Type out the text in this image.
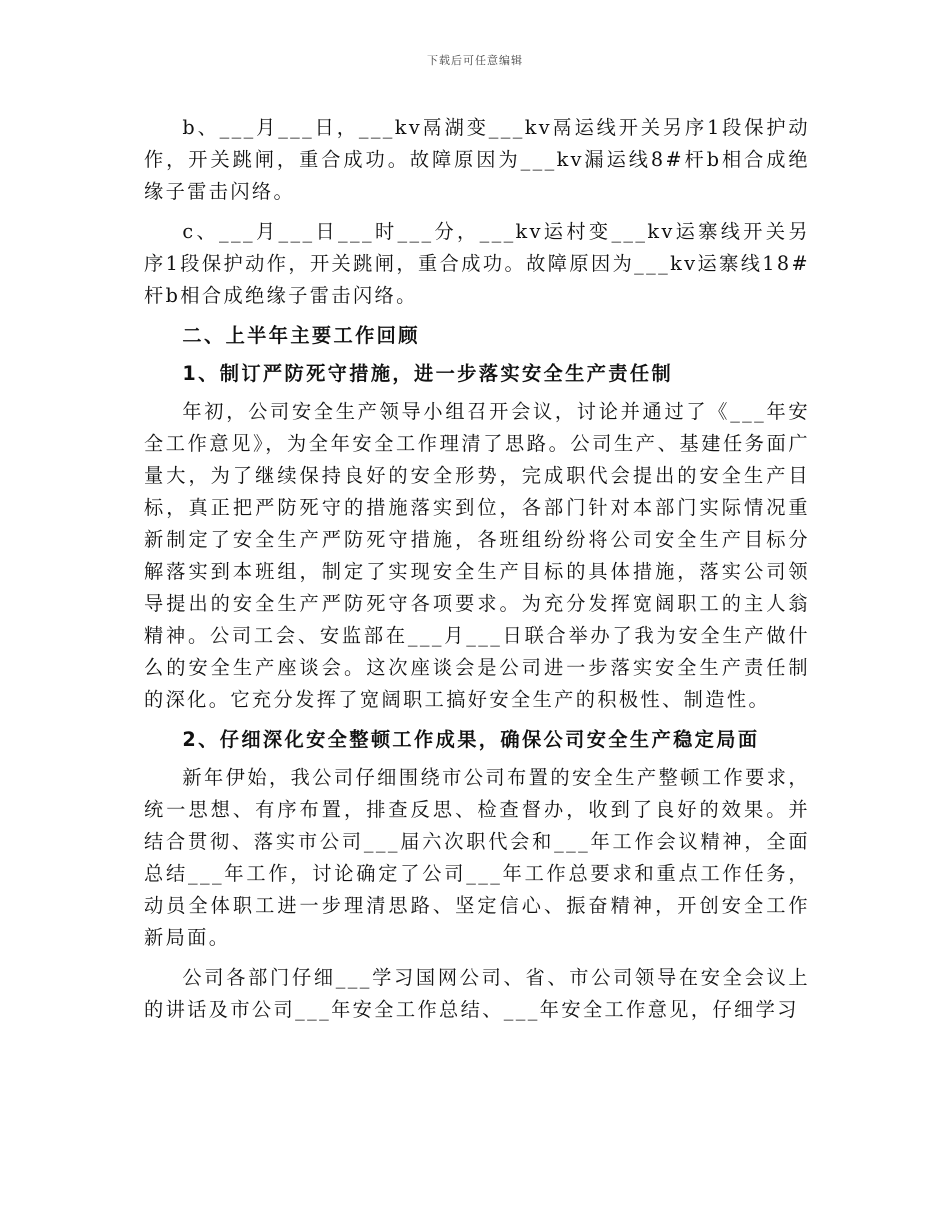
下载后可任意编辑

b、___月___日，___kv鬲湖变___kv鬲运线开关另序1段保护动作，开关跳闸，重合成功。故障原因为___kv漏运线8#杆b相合成绝缘子雷击闪络。

c、___月___日___时___分，___kv运村变___kv运寨线开关另序1段保护动作，开关跳闸，重合成功。故障原因为___kv运寨线18#杆b相合成绝缘子雷击闪络。

二、上半年主要工作回顾

1、制订严防死守措施，进一步落实安全生产责任制

年初，公司安全生产领导小组召开会议，讨论并通过了《___年安全工作意见》，为全年安全工作理清了思路。公司生产、基建任务面广量大，为了继续保持良好的安全形势，完成职代会提出的安全生产目标，真正把严防死守的措施落实到位，各部门针对本部门实际情况重新制定了安全生产严防死守措施，各班组纷纷将公司安全生产目标分解落实到本班组，制定了实现安全生产目标的具体措施，落实公司领导提出的安全生产严防死守各项要求。为充分发挥宽阔职工的主人翁精神。公司工会、安监部在___月___日联合举办了我为安全生产做什么的安全生产座谈会。这次座谈会是公司进一步落实安全生产责任制的深化。它充分发挥了宽阔职工搞好安全生产的积极性、制造性。

2、仔细深化安全整顿工作成果，确保公司安全生产稳定局面

新年伊始，我公司仔细围绕市公司布置的安全生产整顿工作要求，统一思想、有序布置，排查反思、检查督办，收到了良好的效果。并结合贯彻、落实市公司___届六次职代会和___年工作会议精神，全面总结___年工作，讨论确定了公司___年工作总要求和重点工作任务，动员全体职工进一步理清思路、坚定信心、振奋精神，开创安全工作新局面。

公司各部门仔细___学习国网公司、省、市公司领导在安全会议上的讲话及市公司___年安全工作总结、___年安全工作意见，仔细学习
